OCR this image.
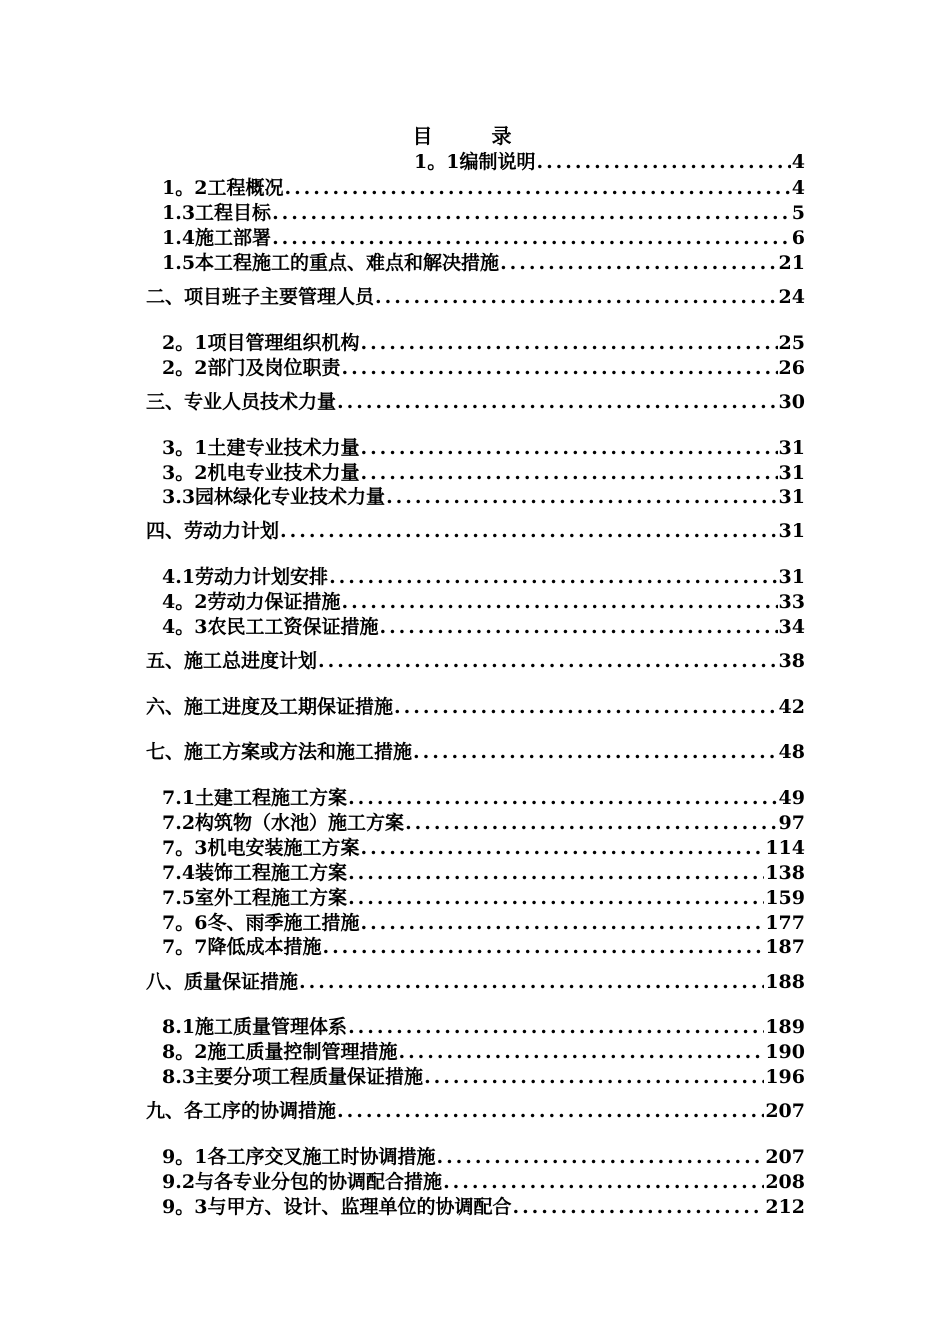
目 录
1。1编制说明 .....	4
1。2工程概况 .....	4
1.3工程目标 .....	5
1.4施工部署 .....	6
1.5本工程施工的重点、难点和解决措施 .....	21
二、项目班子主要管理人员 .....	24
2。1项目管理组织机构 .....	25
2。2部门及岗位职责 .....	26
三、专业人员技术力量 .....	30
3。1土建专业技术力量 .....	31
3。2机电专业技术力量 .....	31
3.3园林绿化专业技术力量 .....	31
四、劳动力计划 .....	31
4.1劳动力计划安排 .....	31
4。2劳动力保证措施 .....	33
4。3农民工工资保证措施 .....	34
五、施工总进度计划 .....	38
六、施工进度及工期保证措施 .....	42
七、施工方案或方法和施工措施 .....	48
7.1土建工程施工方案 .....	49
7.2构筑物（水池）施工方案 .....	97
7。3机电安装施工方案 .....	114
7.4装饰工程施工方案 .....	138
7.5室外工程施工方案 .....	159
7。6冬、雨季施工措施 .....	177
7。7降低成本措施 .....	187
八、质量保证措施 .....	188
8.1施工质量管理体系 .....	189
8。2施工质量控制管理措施 .....	190
8.3主要分项工程质量保证措施 .....	196
九、各工序的协调措施 .....	207
9。1各工序交叉施工时协调措施 .....	207
9.2与各专业分包的协调配合措施 .....	208
9。3与甲方、设计、监理单位的协调配合 .....	212
